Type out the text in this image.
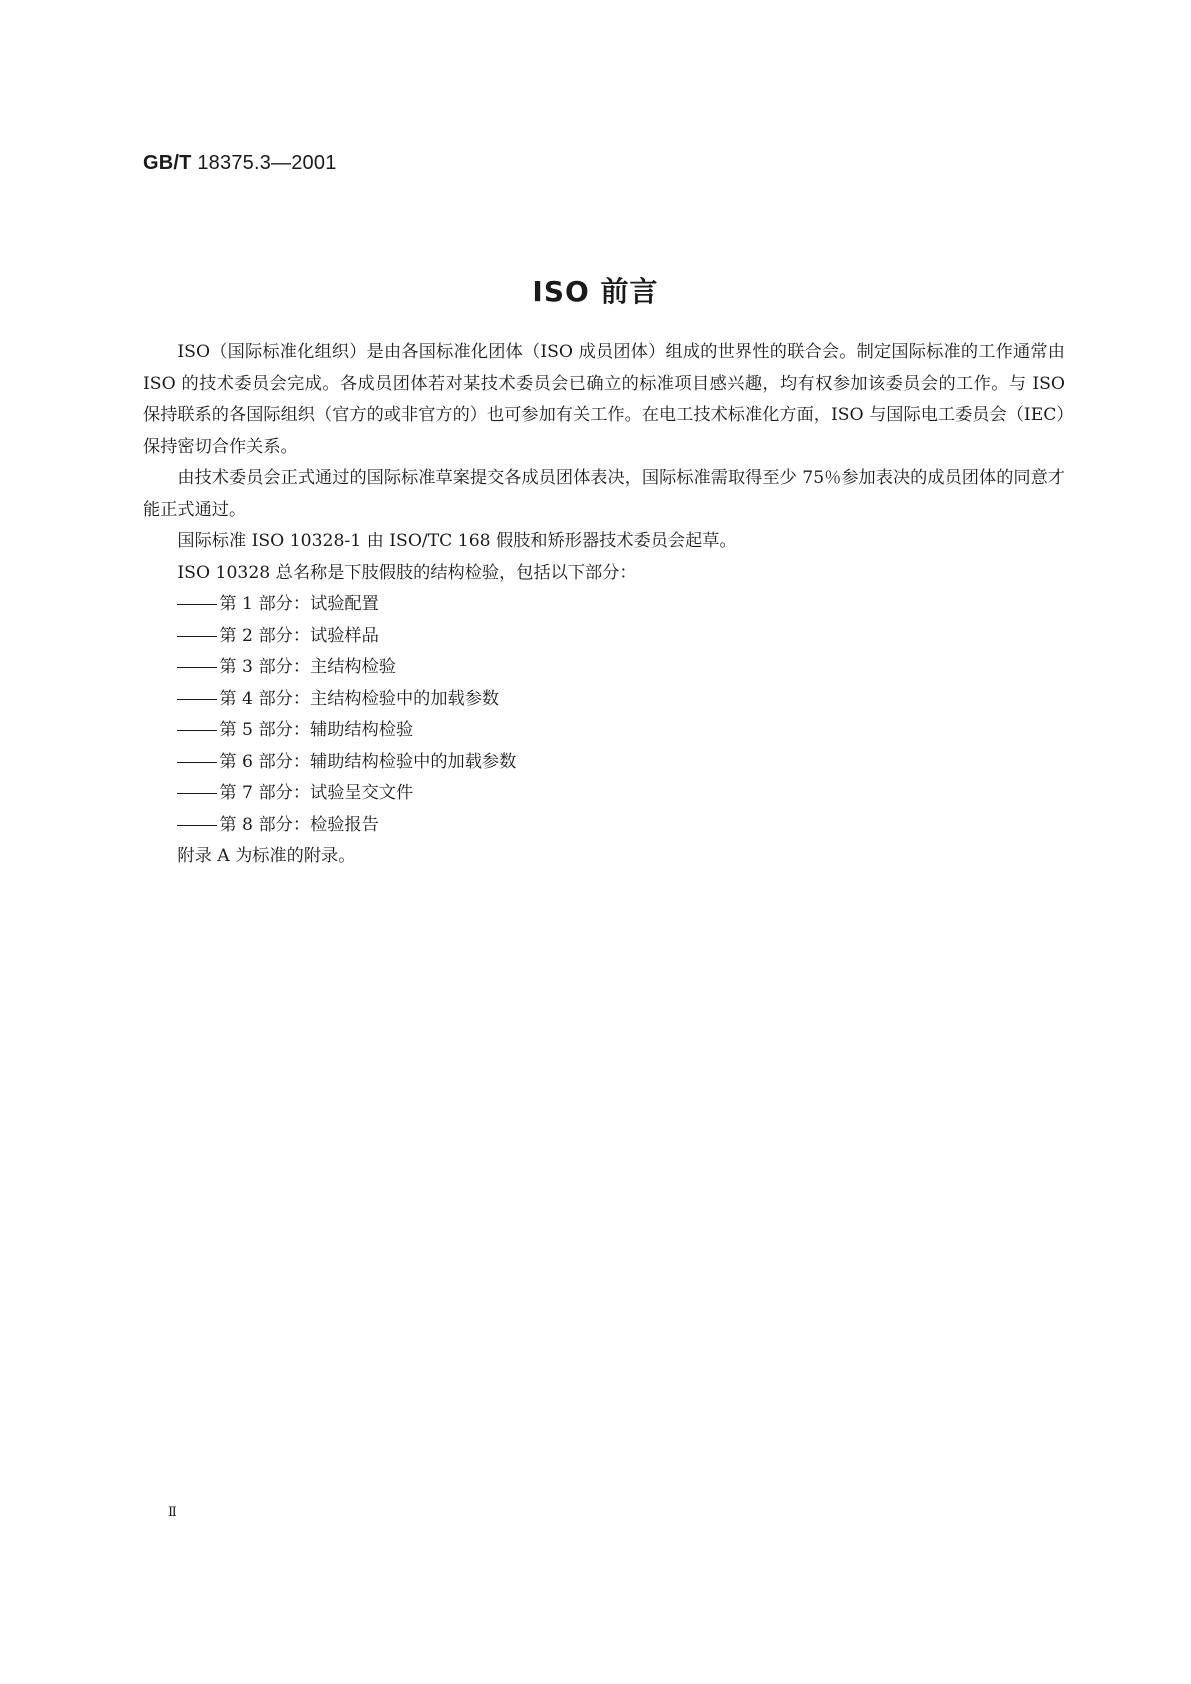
GB/T 18375.3—2001

ISO 前言

ISO（国际标准化组织）是由各国标准化团体（ISO 成员团体）组成的世界性的联合会。制定国际标准的工作通常由 ISO 的技术委员会完成。各成员团体若对某技术委员会已确立的标准项目感兴趣，均有权参加该委员会的工作。与 ISO 保持联系的各国际组织（官方的或非官方的）也可参加有关工作。在电工技术标准化方面，ISO 与国际电工委员会（IEC）保持密切合作关系。

由技术委员会正式通过的国际标准草案提交各成员团体表决，国际标准需取得至少 75％参加表决的成员团体的同意才能正式通过。

国际标准 ISO 10328-1 由 ISO/TC 168 假肢和矫形器技术委员会起草。

ISO 10328 总名称是下肢假肢的结构检验，包括以下部分：

第 1 部分：试验配置
第 2 部分：试验样品
第 3 部分：主结构检验
第 4 部分：主结构检验中的加载参数
第 5 部分：辅助结构检验
第 6 部分：辅助结构检验中的加载参数
第 7 部分：试验呈交文件
第 8 部分：检验报告

附录 A 为标准的附录。

Ⅱ
